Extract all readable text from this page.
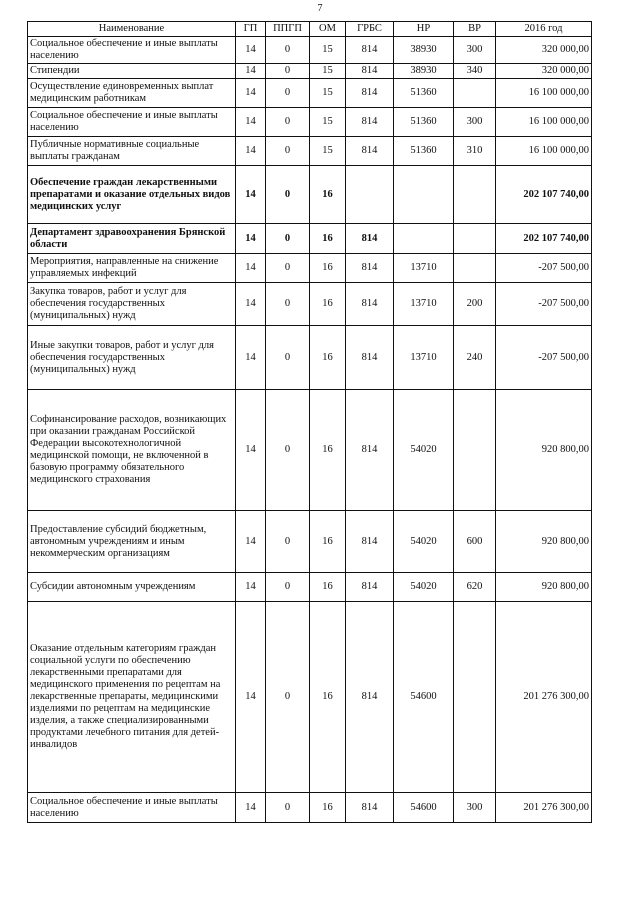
7
Наименование	ГП	ППГП	ОМ	ГРБС	НР	ВР	2016 год
Социальное обеспечение и иные выплаты населению	14	0	15	814	38930	300	320 000,00
Стипендии	14	0	15	814	38930	340	320 000,00
Осуществление единовременных выплат медицинским работникам	14	0	15	814	51360		16 100 000,00
Социальное обеспечение и иные выплаты населению	14	0	15	814	51360	300	16 100 000,00
Публичные нормативные социальные выплаты гражданам	14	0	15	814	51360	310	16 100 000,00
Обеспечение граждан лекарственными препаратами и оказание отдельных видов медицинских услуг	14	0	16				202 107 740,00
Департамент здравоохранения Брянской области	14	0	16	814			202 107 740,00
Мероприятия, направленные на снижение управляемых инфекций	14	0	16	814	13710		-207 500,00
Закупка товаров, работ и услуг для обеспечения государственных (муниципальных) нужд	14	0	16	814	13710	200	-207 500,00
Иные закупки товаров, работ и услуг для обеспечения государственных (муниципальных) нужд	14	0	16	814	13710	240	-207 500,00
Софинансирование расходов, возникающих при оказании гражданам Российской Федерации высокотехнологичной медицинской помощи, не включенной в базовую программу обязательного медицинского страхования	14	0	16	814	54020		920 800,00
Предоставление субсидий бюджетным, автономным учреждениям и иным некоммерческим организациям	14	0	16	814	54020	600	920 800,00
Субсидии автономным учреждениям	14	0	16	814	54020	620	920 800,00
Оказание отдельным категориям граждан социальной услуги по обеспечению лекарственными препаратами для медицинского применения по рецептам на лекарственные препараты, медицинскими изделиями по рецептам на медицинские изделия, а также специализированными продуктами лечебного питания для детей-инвалидов	14	0	16	814	54600		201 276 300,00
Социальное обеспечение и иные выплаты населению	14	0	16	814	54600	300	201 276 300,00
